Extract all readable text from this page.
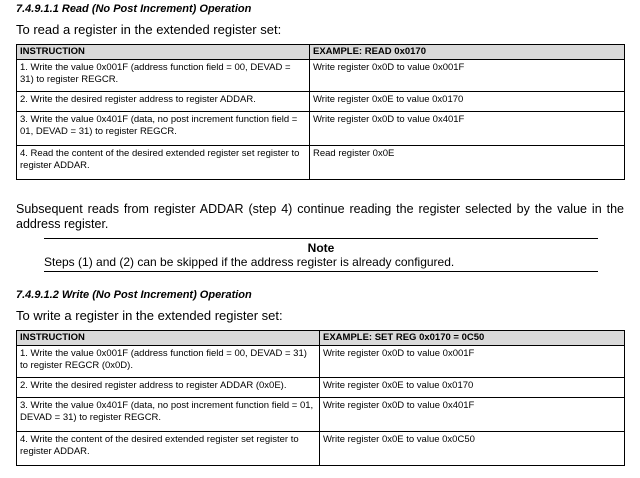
7.4.9.1.1 Read (No Post Increment) Operation

To read a register in the extended register set:

INSTRUCTION	EXAMPLE: READ 0x0170
1. Write the value 0x001F (address function field = 00, DEVAD = 31) to register REGCR.	Write register 0x0D to value 0x001F
2. Write the desired register address to register ADDAR.	Write register 0x0E to value 0x0170
3. Write the value 0x401F (data, no post increment function field = 01, DEVAD = 31) to register REGCR.	Write register 0x0D to value 0x401F
4. Read the content of the desired extended register set register to register ADDAR.	Read register 0x0E

Subsequent reads from register ADDAR (step 4) continue reading the register selected by the value in the address register.

7.4.9.1.2 Write (No Post Increment) Operation

To write a register in the extended register set:

INSTRUCTION	EXAMPLE: SET REG 0x0170 = 0C50
1. Write the value 0x001F (address function field = 00, DEVAD = 31) to register REGCR (0x0D).	Write register 0x0D to value 0x001F
2. Write the desired register address to register ADDAR (0x0E).	Write register 0x0E to value 0x0170
3. Write the value 0x401F (data, no post increment function field = 01, DEVAD = 31) to register REGCR.	Write register 0x0D to value 0x401F
4. Write the content of the desired extended register set register to register ADDAR.	Write register 0x0E to value 0x0C50

Note

Steps (1) and (2) can be skipped if the address register is already configured.
